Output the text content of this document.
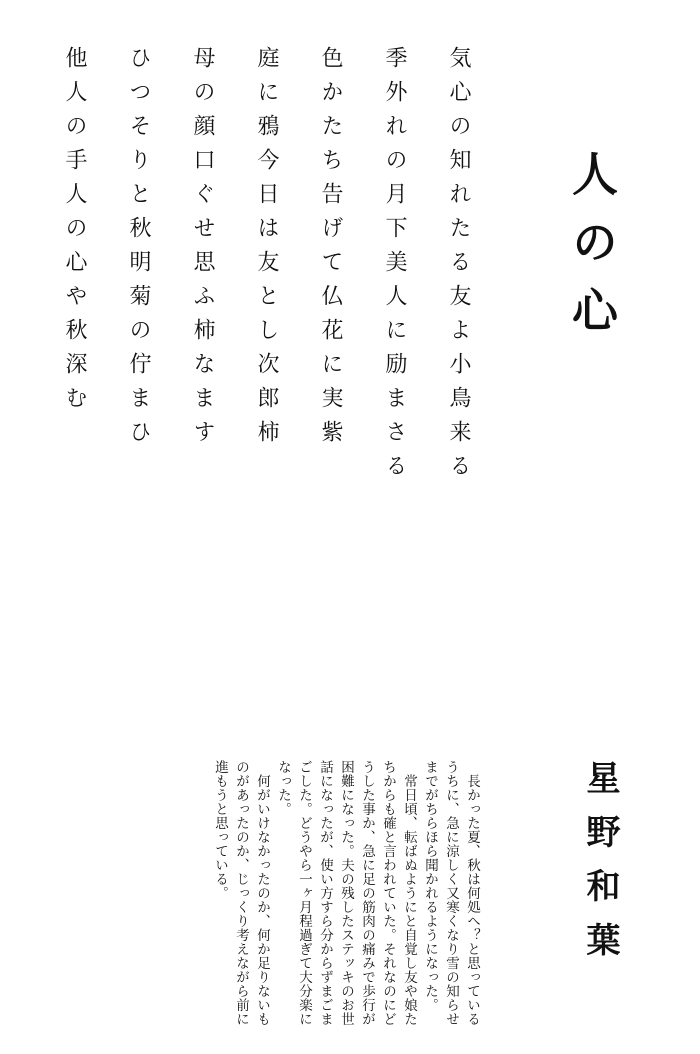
気心の知れたる友よ小鳥来る
季外れの月下美人に励まさる
色かたち告げて仏花に実紫
庭に鴉今日は友とし次郎柿
母の顔口ぐせ思ふ柿なます
ひつそりと秋明菊の佇まひ
他人の手人の心や秋深む	人の心
星野和葉

長かった夏、秋は何処へ？と思っているうちに、急に涼しく又寒くなり雪の知らせまでがちらほら聞かれるようになった。

常日頃、転ばぬようにと自覚し友や娘たちからも確と言われていた。それなのにどうした事か、急に足の筋肉の痛みで歩行が困難になった。夫の残したステッキのお世話になったが、使い方すら分からずまごまごした。どうやら一ヶ月程過ぎて大分楽になった。

何がいけなかったのか、何か足りないものがあったのか、じっくり考えながら前に進もうと思っている。
